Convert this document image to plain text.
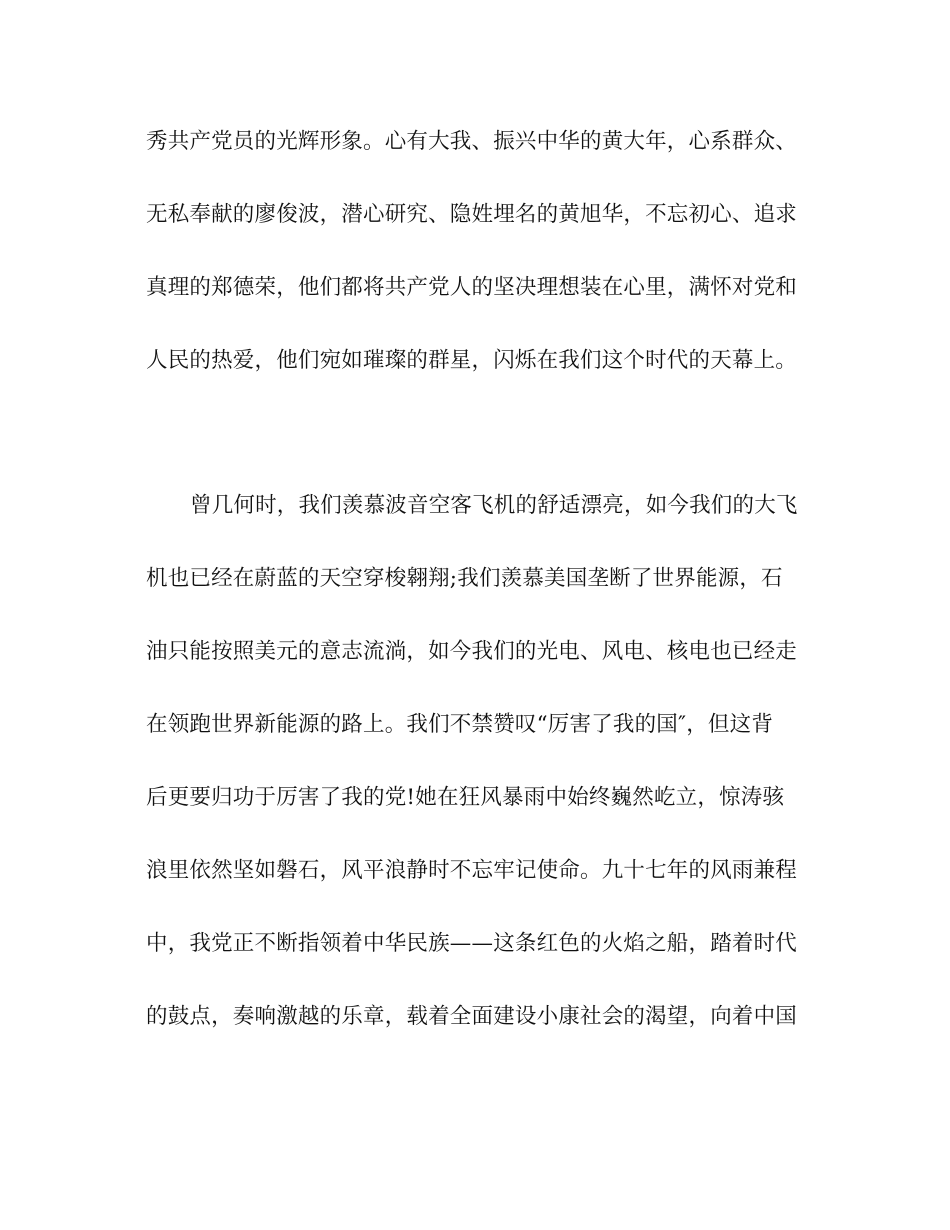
秀共产党员的光辉形象。心有大我、振兴中华的黄大年，心系群众、
无私奉献的廖俊波，潜心研究、隐姓埋名的黄旭华，不忘初心、追求
真理的郑德荣，他们都将共产党人的坚决理想装在心里，满怀对党和
人民的热爱，他们宛如璀璨的群星，闪烁在我们这个时代的天幕上。
曾几何时，我们羡慕波音空客飞机的舒适漂亮，如今我们的大飞
机也已经在蔚蓝的天空穿梭翱翔;我们羡慕美国垄断了世界能源，石
油只能按照美元的意志流淌，如今我们的光电、风电、核电也已经走
在领跑世界新能源的路上。我们不禁赞叹“厉害了我的国″，但这背
后更要归功于厉害了我的党!她在狂风暴雨中始终巍然屹立，惊涛骇
浪里依然坚如磐石，风平浪静时不忘牢记使命。九十七年的风雨兼程
中，我党正不断指领着中华民族——这条红色的火焰之船，踏着时代
的鼓点，奏响激越的乐章，载着全面建设小康社会的渴望，向着中国
